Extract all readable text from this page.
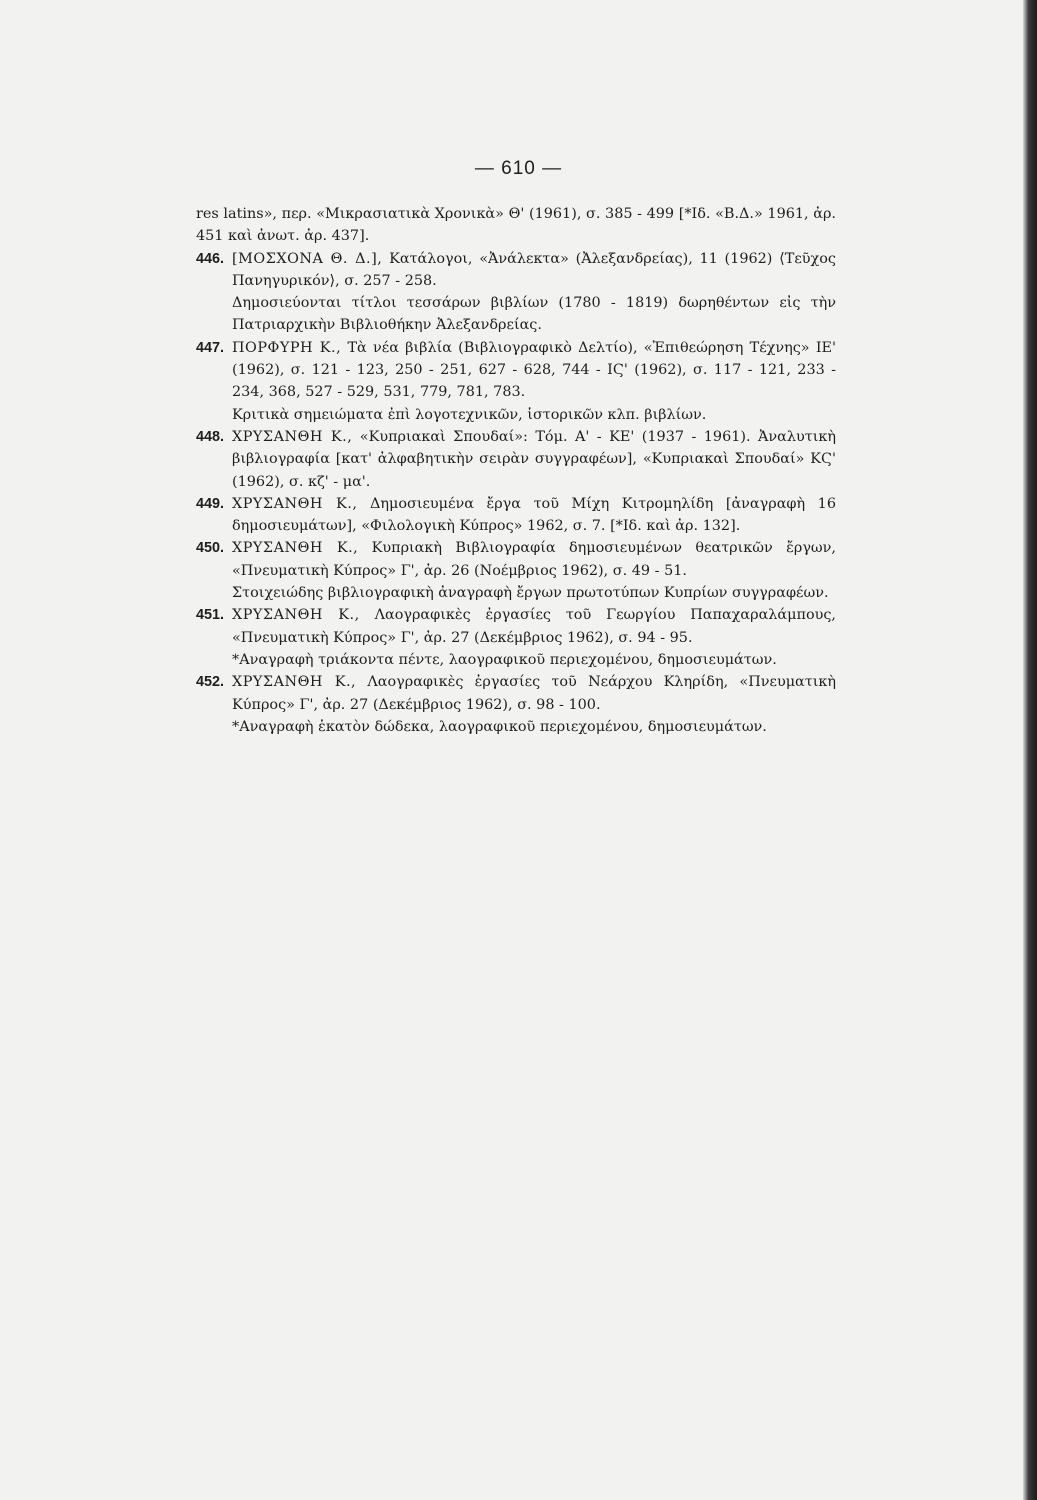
— 610 —

res latins», περ. «Μικρασιατικὰ Χρονικὰ» Θ' (1961), σ. 385 - 499 [*Ιδ. «Β.Δ.» 1961, ἀρ. 451 καὶ ἀνωτ. ἀρ. 437].

446. [ΜΟΣΧΟΝΑ Θ. Δ.], Κατάλογοι, «Ἀνάλεκτα» (Ἀλεξανδρείας), 11 (1962) ⟨Τεῦχος Πανηγυρικόν⟩, σ. 257 - 258.

Δημοσιεύονται τίτλοι τεσσάρων βιβλίων (1780 - 1819) δωρηθέντων εἰς τὴν Πατριαρχικὴν Βιβλιοθήκην Ἀλεξανδρείας.

447. ΠΟΡΦΥΡΗ Κ., Τὰ νέα βιβλία (Βιβλιογραφικὸ Δελτίο), «Ἐπιθεώρηση Τέχνης» ΙΕ' (1962), σ. 121 - 123, 250 - 251, 627 - 628, 744 - ΙϚ' (1962), σ. 117 - 121, 233 - 234, 368, 527 - 529, 531, 779, 781, 783.

Κριτικὰ σημειώματα ἐπὶ λογοτεχνικῶν, ἱστορικῶν κλπ. βιβλίων.

448. ΧΡΥΣΑΝΘΗ Κ., «Κυπριακαὶ Σπουδαί»: Τόμ. Α' - ΚΕ' (1937 - 1961). Ἀναλυτικὴ βιβλιογραφία [κατ' ἀλφαβητικὴν σειρὰν συγγραφέων], «Κυπριακαὶ Σπουδαί» ΚϚ' (1962), σ. κζ' - μα'.
449. ΧΡΥΣΑΝΘΗ Κ., Δημοσιευμένα ἔργα τοῦ Μίχη Κιτρομηλίδη [ἀναγραφὴ 16 δημοσιευμάτων], «Φιλολογικὴ Κύπρος» 1962, σ. 7. [*Ιδ. καὶ ἀρ. 132].
450. ΧΡΥΣΑΝΘΗ Κ., Κυπριακὴ Βιβλιογραφία δημοσιευμένων θεατρικῶν ἔργων, «Πνευματικὴ Κύπρος» Γ', ἀρ. 26 (Νοέμβριος 1962), σ. 49 - 51.

Στοιχειώδης βιβλιογραφικὴ ἀναγραφὴ ἔργων πρωτοτύπων Κυπρίων συγγραφέων.

451. ΧΡΥΣΑΝΘΗ Κ., Λαογραφικὲς ἐργασίες τοῦ Γεωργίου Παπαχαραλάμπους, «Πνευματικὴ Κύπρος» Γ', ἀρ. 27 (Δεκέμβριος 1962), σ. 94 - 95.

*Αναγραφὴ τριάκοντα πέντε, λαογραφικοῦ περιεχομένου, δημοσιευμάτων.

452. ΧΡΥΣΑΝΘΗ Κ., Λαογραφικὲς ἐργασίες τοῦ Νεάρχου Κληρίδη, «Πνευματικὴ Κύπρος» Γ', ἀρ. 27 (Δεκέμβριος 1962), σ. 98 - 100.

*Αναγραφὴ ἑκατὸν δώδεκα, λαογραφικοῦ περιεχομένου, δημοσιευμάτων.
